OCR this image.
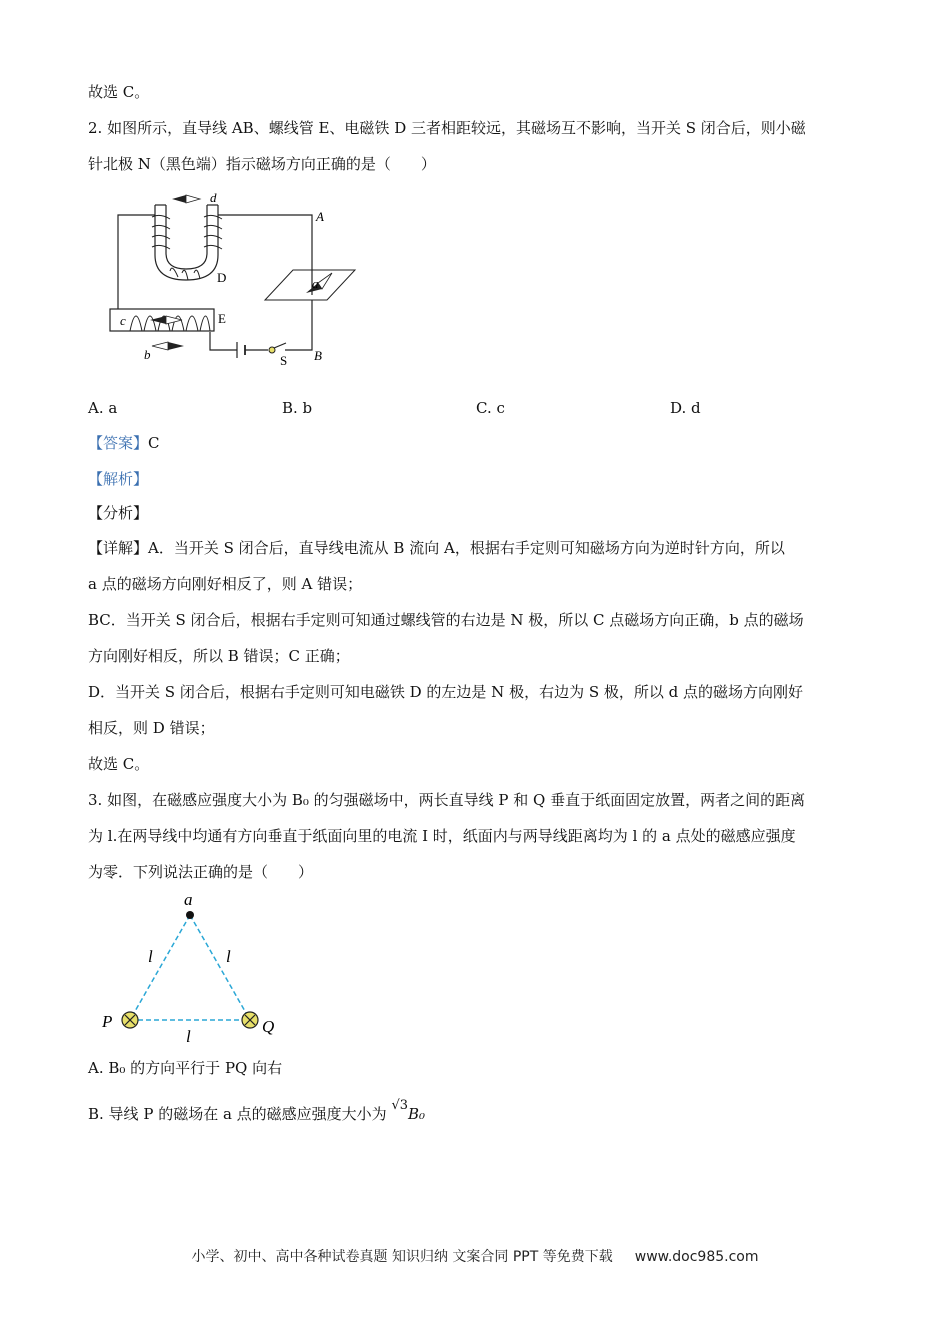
故选 C。
2. 如图所示，直导线 AB、螺线管 E、电磁铁 D 三者相距较远，其磁场互不影响，当开关 S 闭合后，则小磁
针北极 N（黑色端）指示磁场方向正确的是（　　）
d
A
D	a
c	E
b	S B
A. a	B. b	C. c	D. d
【答案】C
【解析】
【分析】
【详解】A．当开关 S 闭合后，直导线电流从 B 流向 A，根据右手定则可知磁场方向为逆时针方向，所以
a 点的磁场方向刚好相反了，则 A 错误；
BC．当开关 S 闭合后，根据右手定则可知通过螺线管的右边是 N 极，所以 C 点磁场方向正确，b 点的磁场
方向刚好相反，所以 B 错误；C 正确；
D．当开关 S 闭合后，根据右手定则可知电磁铁 D 的左边是 N 极，右边为 S 极，所以 d 点的磁场方向刚好
相反，则 D 错误；
故选 C。
3. 如图，在磁感应强度大小为 B₀ 的匀强磁场中，两长直导线 P 和 Q 垂直于纸面固定放置，两者之间的距离
为 l.在两导线中均通有方向垂直于纸面向里的电流 I 时，纸面内与两导线距离均为 l 的 a 点处的磁感应强度
为零．下列说法正确的是（　　）
a
l	l
l
P	Q
A. B₀ 的方向平行于 PQ 向右
B. 导线 P 的磁场在 a 点的磁感应强度大小为 √3B₀
小学、初中、高中各种试卷真题 知识归纳 文案合同 PPT 等免费下载 www.doc985.com
